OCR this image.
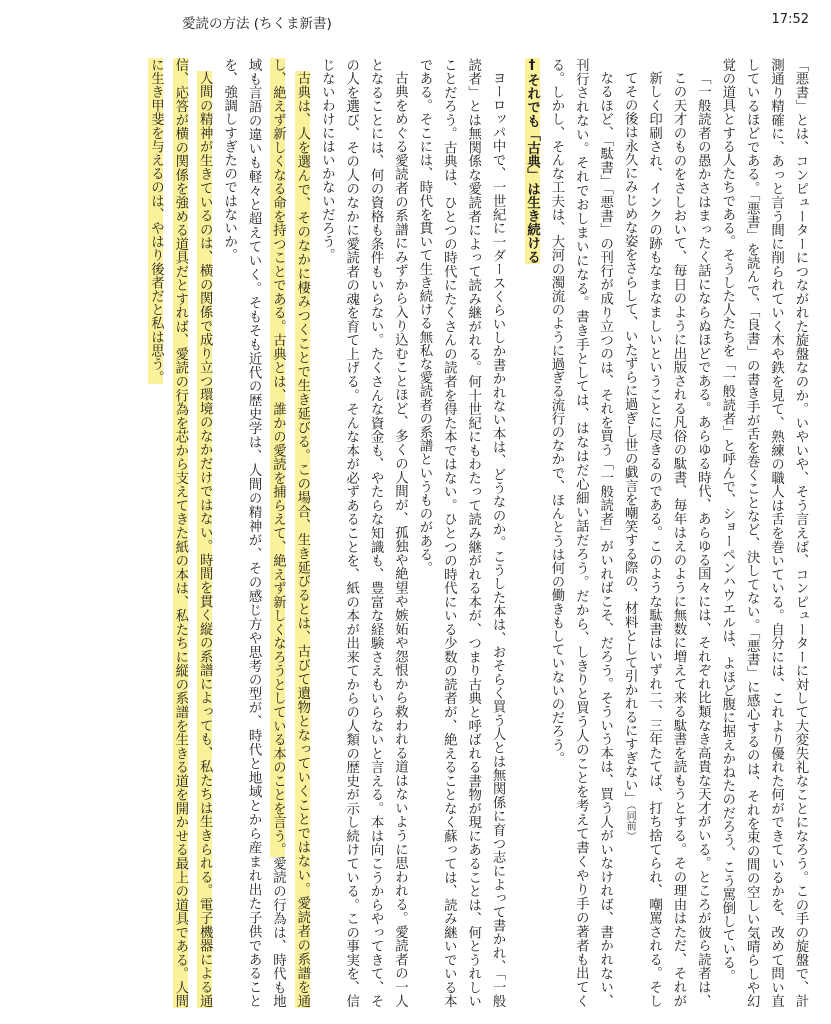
愛読の方法 (ちくま新書)	17:52

「悪書」とは、コンピューターにつながれた旋盤なのか。いやいや、そう言えば、コンピューターに対して大変失礼なことになろう。この手の旋盤で、計測通り精確に、あっと言う間に削られていく木や鉄を見て、熟練の職人は舌を巻いている。自分には、これより優れた何ができているかを、改めて問い直しているほどである。「悪書」を読んで、「良書」の書き手が舌を巻くことなど、決してない。「悪書」に感心するのは、それを束の間の空しい気晴らしや幻覚の道具とする人たちである。そうした人たちを「一般読者」と呼んで、ショーペンハウエルは、よほど腹に据えかねたのだろう、こう罵倒している。

「一般読者の愚かさはまったく話にならぬほどである。あらゆる時代、あらゆる国々には、それぞれ比類なき高貴な天才がいる。ところが彼ら読者は、この天才のものをさしおいて、毎日のように出版される凡俗の駄書、毎年はえのように無数に増えて来る駄書を読もうとする。その理由はただ、それが新しく印刷され、インクの跡もなまなましいということに尽きるのである。このような駄書はいずれ二、三年たてば、打ち捨てられ、嘲罵される。そしてその後は永久にみじめな姿をさらして、いたずらに過ぎし世の戯言を嘲笑する際の、材料として引かれるにすぎない」（同前）

なるほど、「駄書」「悪書」の刊行が成り立つのは、それを買う「一般読者」がいればこそ、だろう。そういう本は、買う人がいなければ、書かれない、刊行されない。それでおしまいになる。書き手としては、はなはだ心細い話だろう。だから、しきりと買う人のことを考えて書くやり手の著者も出てくる。しかし、そんな工夫は、大河の濁流のように過ぎる流行のなかで、ほんとうは何の働きもしていないのだろう。

†それでも「古典」は生き続ける

ヨーロッパ中で、一世紀に一ダースくらいしか書かれない本は、どうなのか。こうした本は、おそらく買う人とは無関係に育つ志によって書かれ、「一般読者」とは無関係な愛読者によって読み継がれる。何十世紀にもわたって読み継がれる本が、つまり古典と呼ばれる書物が現にあることは、何とうれしいことだろう。古典は、ひとつの時代にたくさんの読者を得た本ではない。ひとつの時代にいる少数の読者が、絶えることなく蘇っては、読み継いでいる本である。そこには、時代を貫いて生き続ける無私な愛読者の系譜というものがある。

古典をめぐる愛読者の系譜にみずから入り込むことほど、多くの人間が、孤独や絶望や嫉妬や怨恨から救われる道はないように思われる。愛読者の一人となることには、何の資格も条件もいらない。たくさんな資金も、やたらな知識も、豊富な経験さえもいらないと言える。本は向こうからやってきて、その人を選び、その人のなかに愛読者の魂を育て上げる。そんな本が必ずあることを、紙の本が出来てからの人類の歴史が示し続けている。この事実を、信じないわけにはいかないだろう。

古典は、人を選んで、そのなかに棲みつくことで生き延びる。この場合、生き延びるとは、古びて遺物となっていくことではない。愛読者の系譜を通し、絶えず新しくなる命を持つことである。古典とは、誰かの愛読を捕らえて、絶えず新しくなろうとしている本のことを言う。愛読の行為は、時代も地域も言語の違いも軽々と超えていく。そもそも近代の歴史学は、人間の精神が、その感じ方や思考の型が、時代と地域とから産まれ出た子供であることを、強調しすぎたのではないか。

人間の精神が生きているのは、横の関係で成り立つ環境のなかだけではない。時間を貫く縦の系譜によっても、私たちは生きられる。電子機器による通信、応答が横の関係を強める道具だとすれば、愛読の行為を芯から支えてきた紙の本は、私たちに縦の系譜を生きる道を開かせる最上の道具である。人間に生き甲斐を与えるのは、やはり後者だと私は思う。
